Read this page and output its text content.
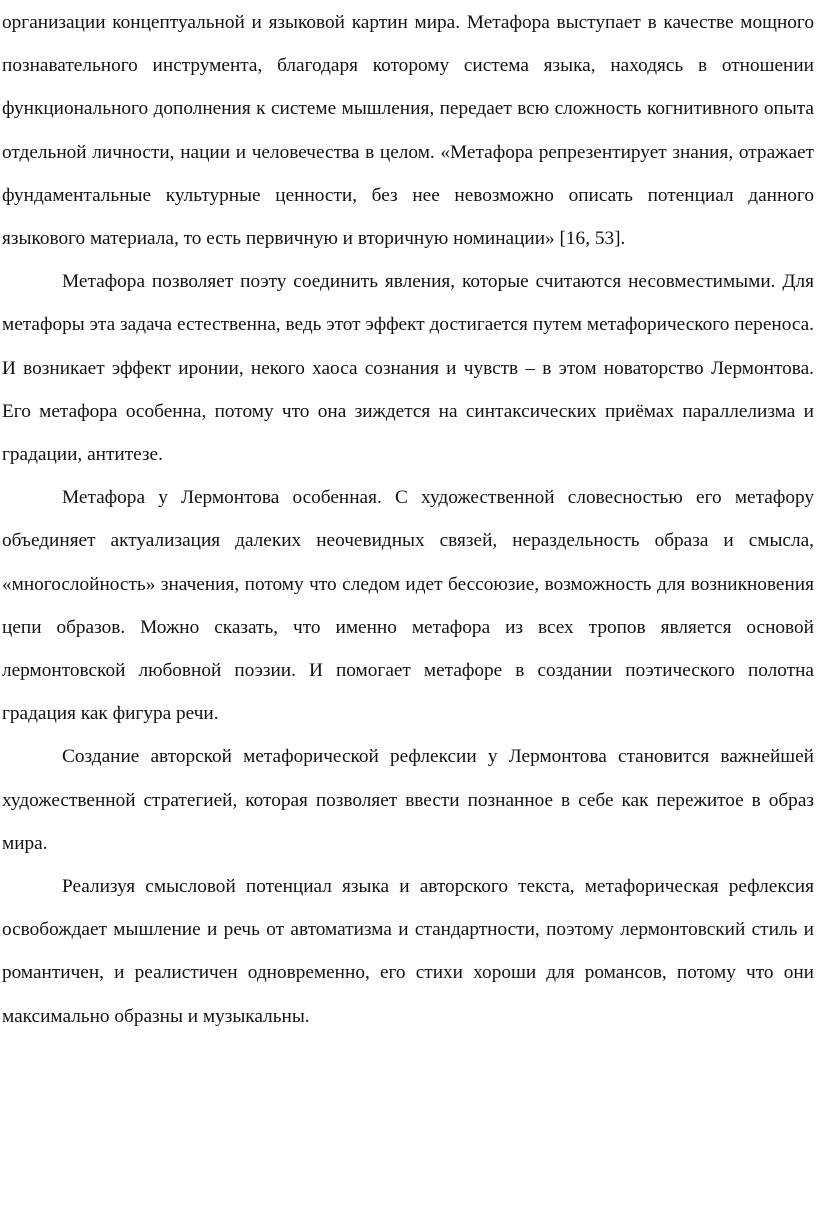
организации концептуальной и языковой картин мира. Метафора выступает в качестве мощного познавательного инструмента, благодаря которому система языка, находясь в отношении функционального дополнения к системе мышления, передает всю сложность когнитивного опыта отдельной личности, нации и человечества в целом. «Метафора репрезентирует знания, отражает фундаментальные культурные ценности, без нее невозможно описать потенциал данного языкового материала, то есть первичную и вторичную номинации» [16, 53].

Метафора позволяет поэту соединить явления, которые считаются несовместимыми. Для метафоры эта задача естественна, ведь этот эффект достигается путем метафорического переноса. И возникает эффект иронии, некого хаоса сознания и чувств – в этом новаторство Лермонтова. Его метафора особенна, потому что она зиждется на синтаксических приёмах параллелизма и градации, антитезе.

Метафора у Лермонтова особенная. С художественной словесностью его метафору объединяет актуализация далеких неочевидных связей, нераздельность образа и смысла, «многослойность» значения, потому что следом идет бессоюзие, возможность для возникновения цепи образов. Можно сказать, что именно метафора из всех тропов является основой лермонтовской любовной поэзии. И помогает метафоре в создании поэтического полотна градация как фигура речи.

Создание авторской метафорической рефлексии у Лермонтова становится важнейшей художественной стратегией, которая позволяет ввести познанное в себе как пережитое в образ мира.

Реализуя смысловой потенциал языка и авторского текста, метафорическая рефлексия освобождает мышление и речь от автоматизма и стандартности, поэтому лермонтовский стиль и романтичен, и реалистичен одновременно, его стихи хороши для романсов, потому что они максимально образны и музыкальны.
